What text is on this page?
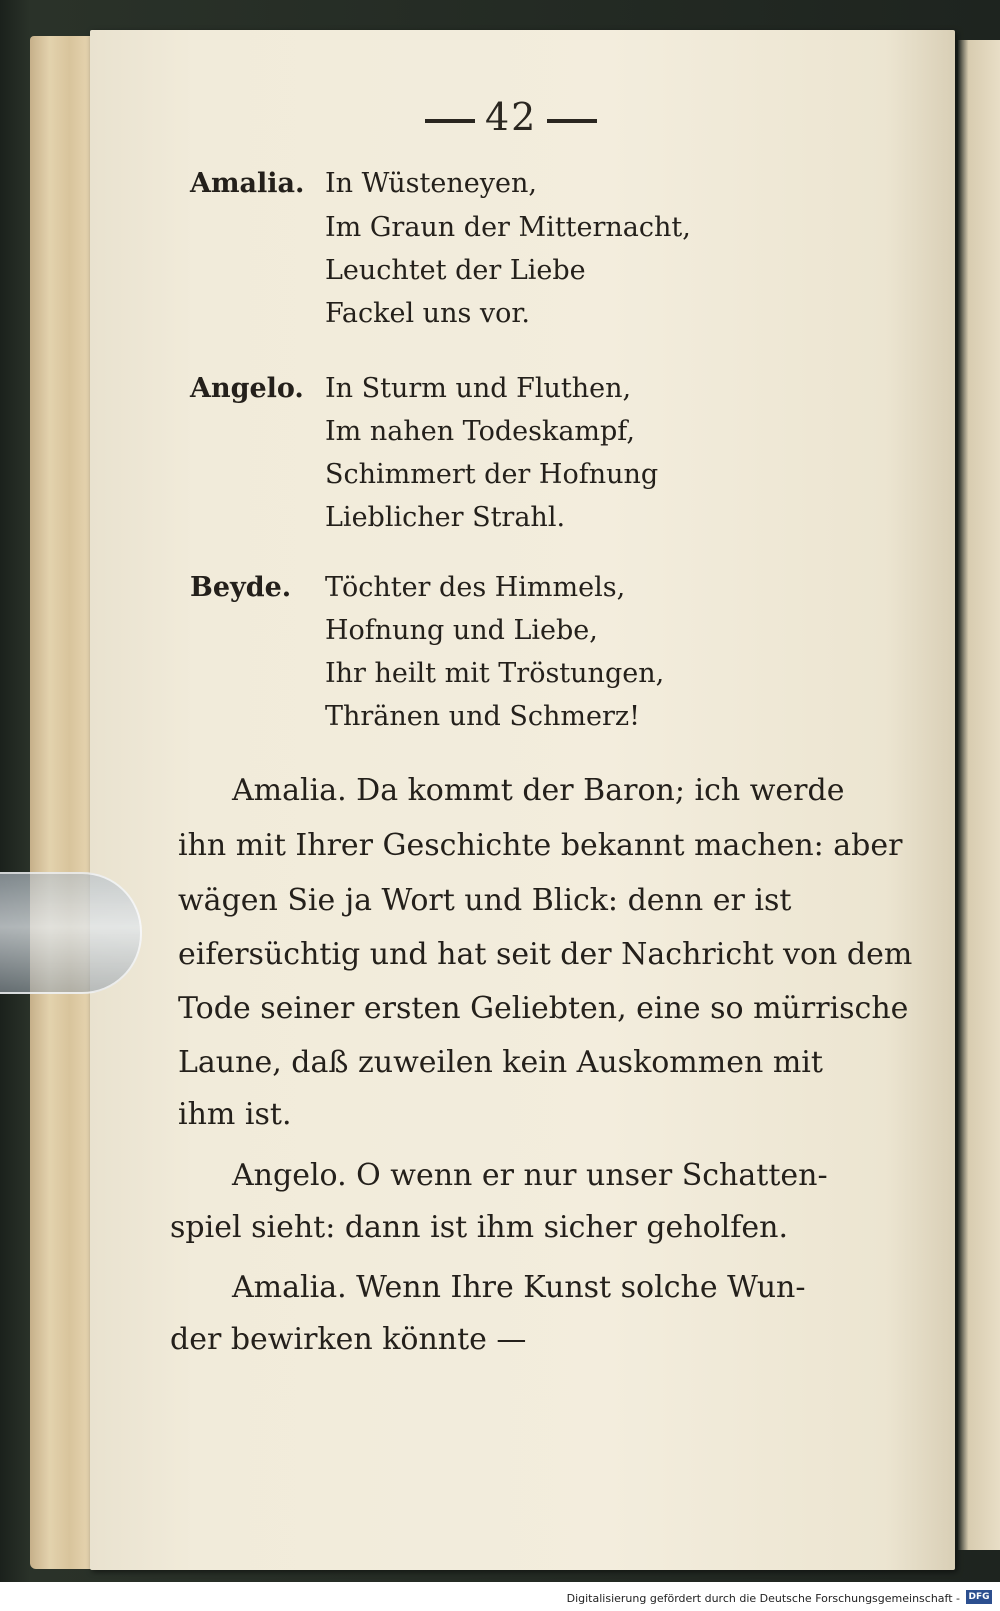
42
Amalia. In Wüsteneyen,
Im Graun der Mitternacht,
Leuchtet der Liebe
Fackel uns vor.
Angelo. In Sturm und Fluthen,
Im nahen Todeskampf,
Schimmert der Hofnung
Lieblicher Strahl.
Beyde. Töchter des Himmels,
Hofnung und Liebe,
Ihr heilt mit Tröstungen,
Thränen und Schmerz!
Amalia. Da kommt der Baron; ich werde
ihn mit Ihrer Geschichte bekannt machen: aber
wägen Sie ja Wort und Blick: denn er ist
eifersüchtig und hat seit der Nachricht von dem
Tode seiner ersten Geliebten, eine so mürrische
Laune, daß zuweilen kein Auskommen mit
ihm ist.
Angelo. O wenn er nur unser Schatten-
spiel sieht: dann ist ihm sicher geholfen.
Amalia. Wenn Ihre Kunst solche Wun-
der bewirken könnte —
Digitalisierung gefördert durch die Deutsche Forschungsgemeinschaft - DFG
